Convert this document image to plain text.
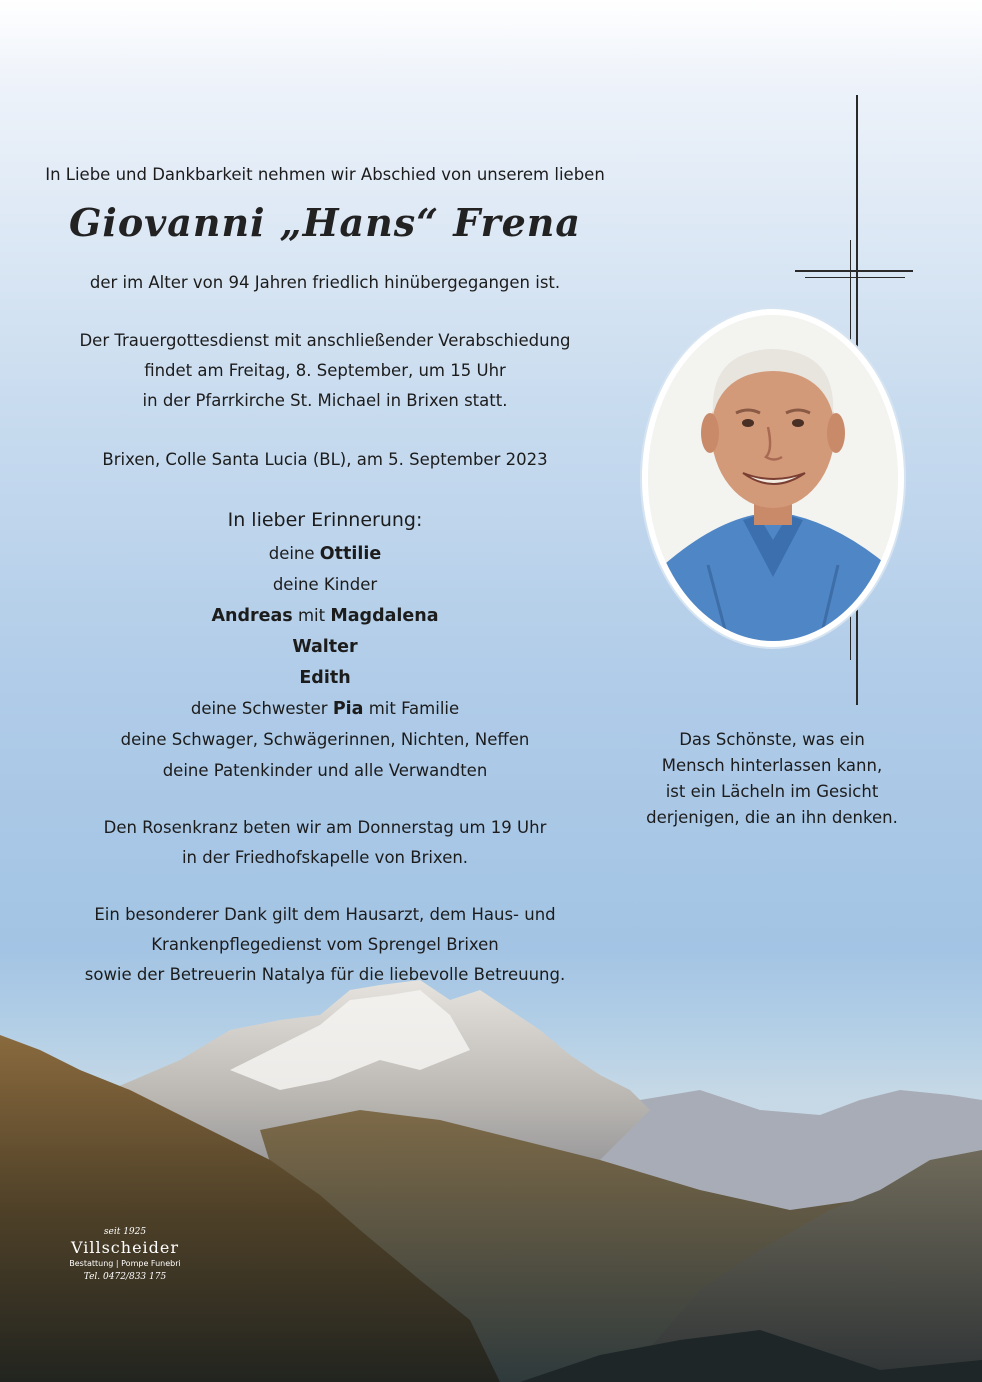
In Liebe und Dankbarkeit nehmen wir Abschied von unserem lieben

Giovanni „Hans“ Frena

der im Alter von 94 Jahren friedlich hinübergegangen ist.

Der Trauergottesdienst mit anschließender Verabschiedung
findet am Freitag, 8. September, um 15 Uhr
in der Pfarrkirche St. Michael in Brixen statt.

Brixen, Colle Santa Lucia (BL), am 5. September 2023

In lieber Erinnerung:

deine Ottilie
deine Kinder
Andreas mit Magdalena
Walter
Edith
deine Schwester Pia mit Familie
deine Schwager, Schwägerinnen, Nichten, Neffen
deine Patenkinder und alle Verwandten
Den Rosenkranz beten wir am Donnerstag um 19 Uhr
in der Friedhofskapelle von Brixen.
Ein besonderer Dank gilt dem Hausarzt, dem Haus- und
Krankenpflegedienst vom Sprengel Brixen
sowie der Betreuerin Natalya für die liebevolle Betreuung.
Das Schönste, was ein
Mensch hinterlassen kann,
ist ein Lächeln im Gesicht
derjenigen, die an ihn denken.
seit 1925
Villscheider
Bestattung | Pompe Funebri
Tel. 0472/833 175
